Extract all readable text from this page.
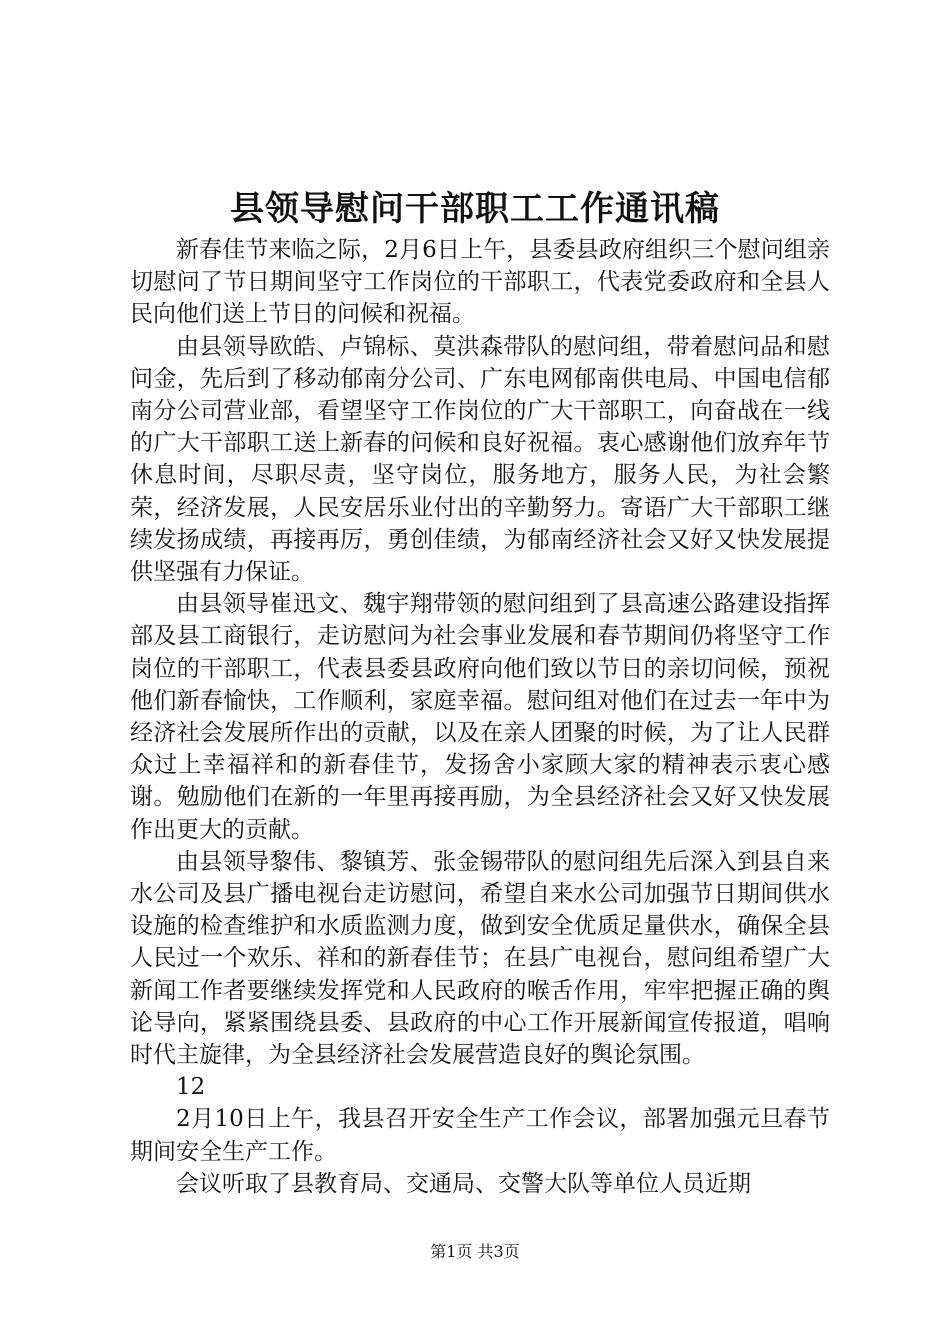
县领导慰问干部职工工作通讯稿

新春佳节来临之际，2月6日上午，县委县政府组织三个慰问组亲切慰问了节日期间坚守工作岗位的干部职工，代表党委政府和全县人民向他们送上节日的问候和祝福。

由县领导欧皓、卢锦标、莫洪森带队的慰问组，带着慰问品和慰问金，先后到了移动郁南分公司、广东电网郁南供电局、中国电信郁南分公司营业部，看望坚守工作岗位的广大干部职工，向奋战在一线的广大干部职工送上新春的问候和良好祝福。衷心感谢他们放弃年节休息时间，尽职尽责，坚守岗位，服务地方，服务人民，为社会繁荣，经济发展，人民安居乐业付出的辛勤努力。寄语广大干部职工继续发扬成绩，再接再厉，勇创佳绩，为郁南经济社会又好又快发展提供坚强有力保证。

由县领导崔迅文、魏宇翔带领的慰问组到了县高速公路建设指挥部及县工商银行，走访慰问为社会事业发展和春节期间仍将坚守工作岗位的干部职工，代表县委县政府向他们致以节日的亲切问候，预祝他们新春愉快，工作顺利，家庭幸福。慰问组对他们在过去一年中为经济社会发展所作出的贡献，以及在亲人团聚的时候，为了让人民群众过上幸福祥和的新春佳节，发扬舍小家顾大家的精神表示衷心感谢。勉励他们在新的一年里再接再励，为全县经济社会又好又快发展作出更大的贡献。

由县领导黎伟、黎镇芳、张金锡带队的慰问组先后深入到县自来水公司及县广播电视台走访慰问，希望自来水公司加强节日期间供水设施的检查维护和水质监测力度，做到安全优质足量供水，确保全县人民过一个欢乐、祥和的新春佳节；在县广电视台，慰问组希望广大新闻工作者要继续发挥党和人民政府的喉舌作用，牢牢把握正确的舆论导向，紧紧围绕县委、县政府的中心工作开展新闻宣传报道，唱响时代主旋律，为全县经济社会发展营造良好的舆论氛围。

12

2月10日上午，我县召开安全生产工作会议，部署加强元旦春节期间安全生产工作。

会议听取了县教育局、交通局、交警大队等单位人员近期

第1页 共3页
